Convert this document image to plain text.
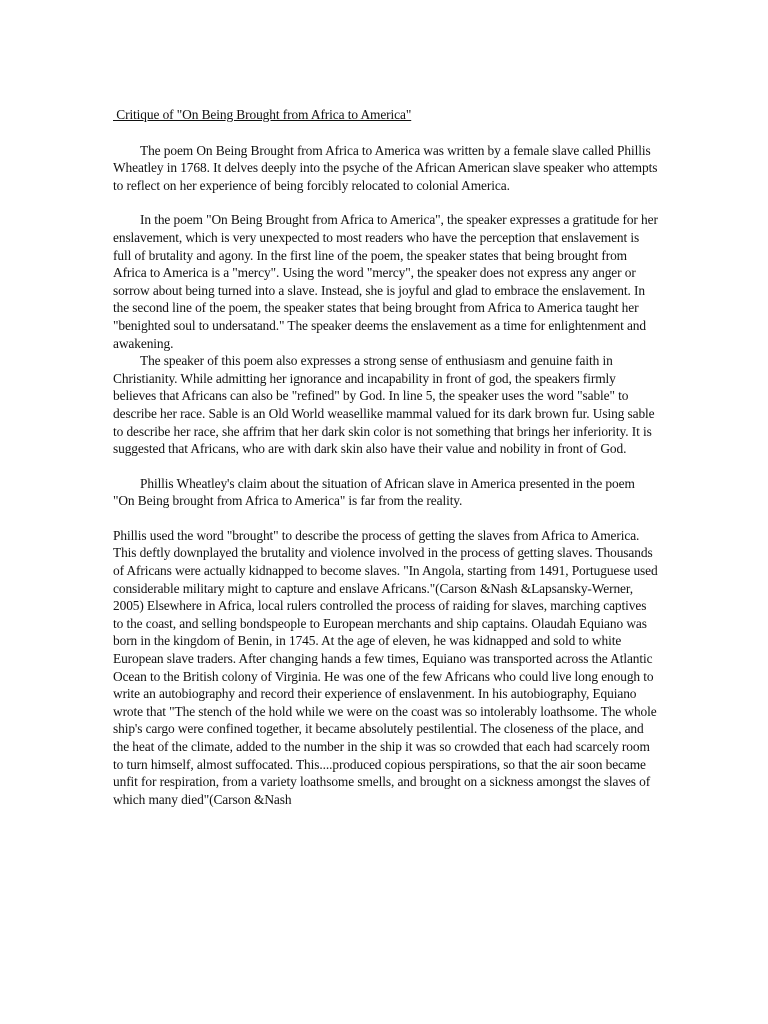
Critique of "On Being Brought from Africa to America"

The poem On Being Brought from Africa to America was written by a female slave called Phillis Wheatley in 1768. It delves deeply into the psyche of the African American slave speaker who attempts to reflect on her experience of being forcibly relocated to colonial America.

In the poem "On Being Brought from Africa to America", the speaker expresses a gratitude for her enslavement, which is very unexpected to most readers who have the perception that enslavement is full of brutality and agony. In the first line of the poem, the speaker states that being brought from Africa to America is a "mercy". Using the word "mercy", the speaker does not express any anger or sorrow about being turned into a slave. Instead, she is joyful and glad to embrace the enslavement. In the second line of the poem, the speaker states that being brought from Africa to America taught her "benighted soul to undersatand." The speaker deems the enslavement as a time for enlightenment and awakening.

The speaker of this poem also expresses a strong sense of enthusiasm and genuine faith in Christianity. While admitting her ignorance and incapability in front of god, the speakers firmly believes that Africans can also be "refined" by God. In line 5, the speaker uses the word "sable" to describe her race. Sable is an Old World weasellike mammal valued for its dark brown fur. Using sable to describe her race, she affrim that her dark skin color is not something that brings her inferiority. It is suggested that Africans, who are with dark skin also have their value and nobility in front of God.

Phillis Wheatley's claim about the situation of African slave in America presented in the poem "On Being brought from Africa to America" is far from the reality.

Phillis used the word "brought" to describe the process of getting the slaves from Africa to America. This deftly downplayed the brutality and violence involved in the process of getting slaves. Thousands of Africans were actually kidnapped to become slaves. "In Angola, starting from 1491, Portuguese used considerable military might to capture and enslave Africans."(Carson &Nash &Lapsansky-Werner, 2005) Elsewhere in Africa, local rulers controlled the process of raiding for slaves, marching captives to the coast, and selling bondspeople to European merchants and ship captains. Olaudah Equiano was born in the kingdom of Benin, in 1745. At the age of eleven, he was kidnapped and sold to white European slave traders. After changing hands a few times, Equiano was transported across the Atlantic Ocean to the British colony of Virginia. He was one of the few Africans who could live long enough to write an autobiography and record their experience of enslavenment. In his autobiography, Equiano wrote that "The stench of the hold while we were on the coast was so intolerably loathsome. The whole ship's cargo were confined together, it became absolutely pestilential. The closeness of the place, and the heat of the climate, added to the number in the ship it was so crowded that each had scarcely room to turn himself, almost suffocated. This....produced copious perspirations, so that the air soon became unfit for respiration, from a variety loathsome smells, and brought on a sickness amongst the slaves of which many died"(Carson &Nash
